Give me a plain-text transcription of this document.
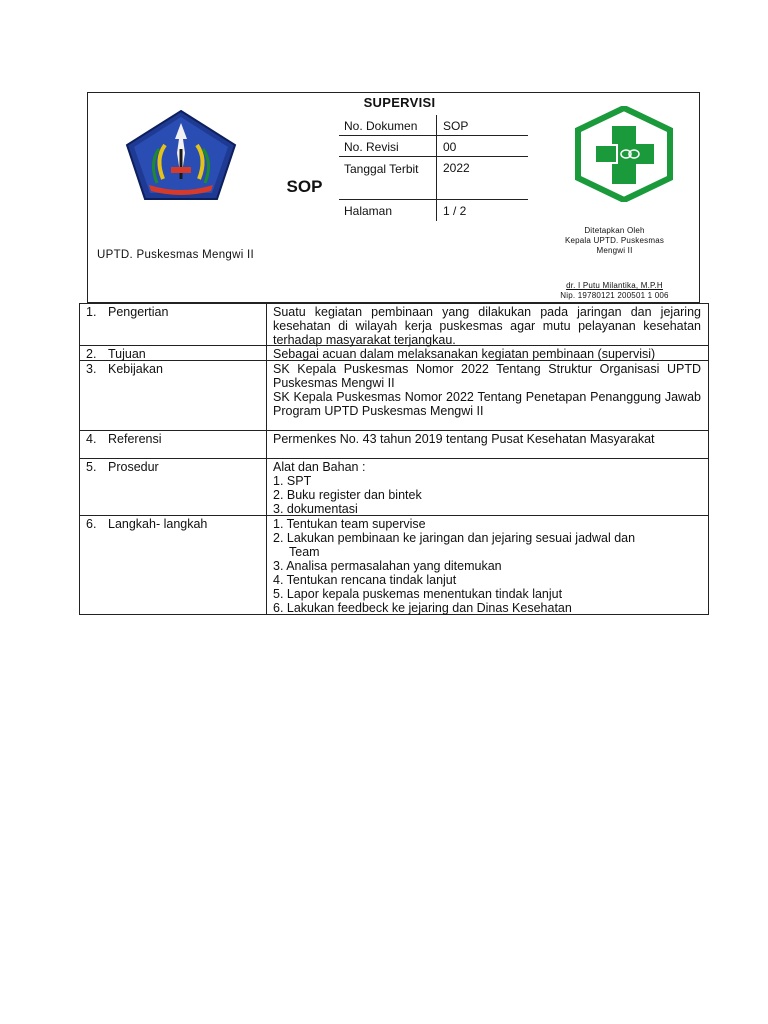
SUPERVISI
SOP
No. Dokumen	SOP
No. Revisi	00
Tanggal Terbit	2022
Halaman	1 / 2
UPTD. Puskesmas Mengwi II
Ditetapkan Oleh
Kepala UPTD. Puskesmas
Mengwi II
dr. I Putu Milantika, M.P.H
Nip. 19780121 200501 1 006
1. Pengertian	Suatu kegiatan pembinaan yang dilakukan pada jaringan dan jejaring kesehatan di wilayah kerja puskesmas agar mutu pelayanan kesehatan terhadap masyarakat terjangkau.
2. Tujuan	Sebagai acuan dalam melaksanakan kegiatan pembinaan (supervisi)
3. Kebijakan	SK Kepala Puskesmas Nomor 2022 Tentang Struktur Organisasi UPTD Puskesmas Mengwi II
SK Kepala Puskesmas Nomor 2022 Tentang Penetapan Penanggung Jawab Program UPTD Puskesmas Mengwi II
4. Referensi	Permenkes No. 43 tahun 2019 tentang Pusat Kesehatan Masyarakat
5. Prosedur	Alat dan Bahan :
1. SPT
2. Buku register dan bintek
3. dokumentasi
6. Langkah- langkah	1. Tentukan team supervise
2. Lakukan pembinaan ke jaringan dan jejaring sesuai jadwal dan
Team
3. Analisa permasalahan yang ditemukan
4. Tentukan rencana tindak lanjut
5. Lapor kepala puskemas menentukan tindak lanjut
6. Lakukan feedbeck ke jejaring dan Dinas Kesehatan
